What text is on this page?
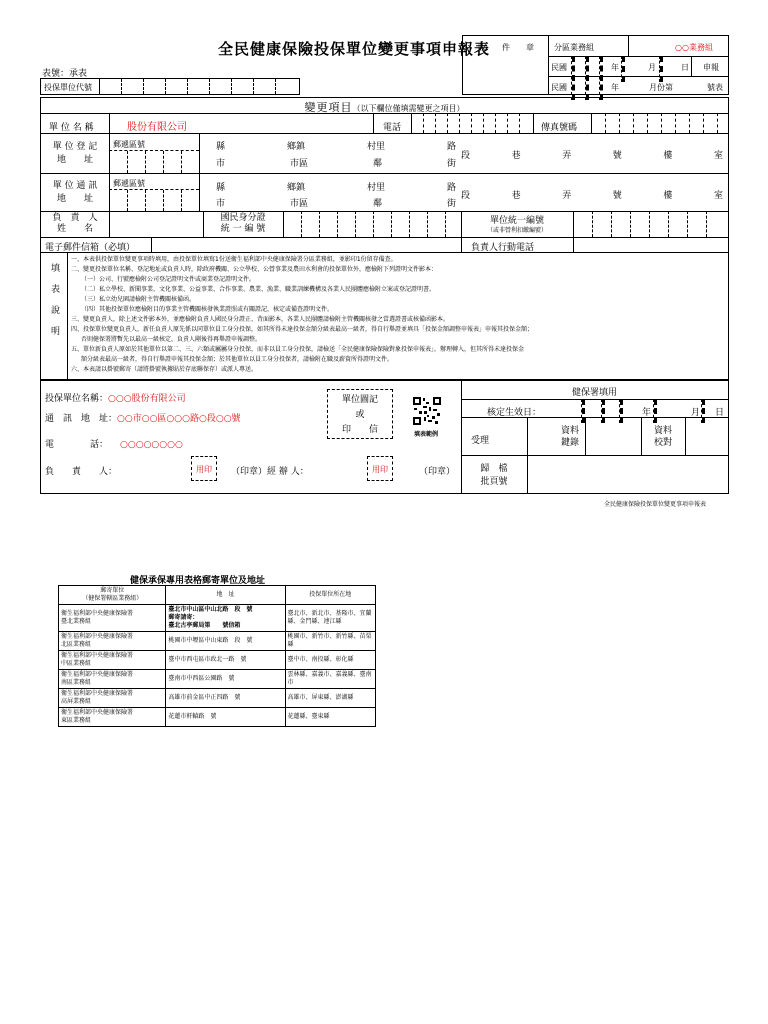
全民健康保險投保單位變更事項申報表
收　　件　　章	分區業務組	○○業務組
民國	年	月	日 申報
民國	年	月份第	號表
表號：承表
投保單位代號
變更項目（以下欄位僅填需變更之項目）
單 位 名 稱	股份有限公司	電話	傳真號碼
單 位 登 記
地　　址
郵遞區號	縣	鄉鎮	村里	路
市	市區	鄰	街
段	巷	弄	號	樓	室
單 位 通 訊
地　　址
郵遞區號	縣	鄉鎮	村里	路
市	市區	鄰	街
段	巷	弄	號	樓	室
負　責　人
姓　　名
國民身分證
統 一 編 號
單位統一編號
（或非營利扣繳編號）
電子郵件信箱（必填）	負責人行動電話
填表說明
一、本表供投保單位變更事項時填用，由投保單位填寫1份送衛生福利部中央健康保險署分區業務組，並影印1份留存備查。
二、變更投保單位名稱、登記地址或負責人時，除政府機關、公立學校、公營事業及農田水利會的投保單位外，應檢附下列證明文件影本：
（一）公司、行號應檢附公司登記證明文件或商業登記證明文件。
（二）私立學校、新聞事業、文化事業、公益事業、合作事業、農業、漁業、職業訓練機構及各業人民團體應檢附立案或登記證明書。
（三）私立幼兒園請檢附主管機關核備函。
（四）其他投保單位應檢附目的事業主管機關核發執業證照或有關證記，核定或備查證明文件。
三、變更負責人，除上述文件影本外，並應檢附負責人國民身分證正、背面影本，各業人民團體請檢附主管機關核發之當選證書或核備函影本。
四、投保單位變更負責人，新任負責人原先係以同單位員工身分投保，如其所得未達投保金額分級表最高一級者，得自行舉證並填具「投保金額調整申報表」申報其投保金額；
否則健保署將暫先以最高一級核定，負責人剛後得再舉證申報調整。
五、單位新負責人原如於其他單位以第二、三、六類或屬屬身分投保，而非以員工身分投保，請檢送「全民健康保險保險對象投保申報表」，辦理轉入，但其所得未達投保金
額分級表最高一級者，得自行舉證申報其投保金額；於其他單位以員工身分投保者，請檢附在職及薪資所得證明文件。
六、本表請以掛號郵寄（請將掛號執據貼於存底聯保存）或派人專送。
投保單位名稱：○○○股份有限公司
通　訊　地　址：○○市○○區○○○路○段○○號
電　　　　話： ○○○○○○○○
負　　責　　人：	用印	（印章）經 辦 人：	用印	（印章）
單位圖記
或
印　　信	填表範例
健保署填用
核定生效日：	年	月 日
受理
資料
鍵錄
資料
校對
歸　檔
批頁號
全民健康保險投保單位變更事項申報表
健保承保專用表格郵寄單位及地址
郵寄單位
（健保署轄區業務組）	地　址	投保單位所在地
衛生福利部中央健康保險署
臺北業務組	臺北市中山區中山北路　段　號
郵寄請寄：
臺北古亭郵局第　　號信箱	臺北市、新北市、基隆市、宜蘭縣、金門縣、連江縣
衛生福利部中央健康保險署
北區業務組	桃園市中壢區中山東路　段　號	桃園市、新竹市、新竹縣、苗栗縣
衛生福利部中央健康保險署
中區業務組	臺中市西屯區市政北一路　號	臺中市、南投縣、彰化縣
衛生福利部中央健康保險署
南區業務組	臺南市中西區公園路　號	雲林縣、嘉義市、嘉義縣、臺南市
衛生福利部中央健康保險署
高屏業務組	高雄市前金區中正四路　號	高雄市、屏東縣、澎湖縣
衛生福利部中央健康保險署
東區業務組	花蓮市軒轅路　號	花蓮縣、臺東縣
